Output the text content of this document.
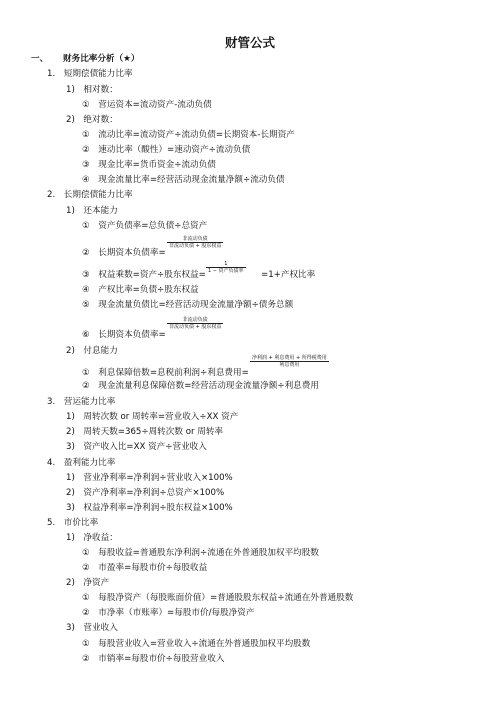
财管公式
一、 财务比率分析（★）
1.　短期偿债能力比率
1)　相对数：
①　营运资本=流动资产-流动负债
2)　绝对数：
①　流动比率=流动资产÷流动负债=长期资本-长期资产
②　速动比率（酸性）=速动资产÷流动负债
③　现金比率=货币资金÷流动负债
④　现金流量比率=经营活动现金流量净额÷流动负债
2.　长期偿债能力比率
1)　还本能力
①　资产负债率=总负债÷总资产
②　长期资本负债率=
非流动负债
非流动负债 + 股东权益
③　权益乘数=资产÷股东权益=
1
1 − 资产负债率 =1+产权比率
④　产权比率=负债÷股东权益
⑤　现金流量负债比=经营活动现金流量净额÷债务总额
⑥　长期资本负债率=
非流动负债
非流动负债 + 股东权益
2)　付息能力
①　利息保障倍数=息税前利润÷利息费用=
净利润 + 利息费用 + 所得税费用
利息费用
②　现金流量利息保障倍数=经营活动现金流量净额÷利息费用
3.　营运能力比率
1)　周转次数 or 周转率=营业收入÷XX 资产
2)　周转天数=365÷周转次数 or 周转率
3)　资产收入比=XX 资产÷营业收入
4.　盈利能力比率
1)　营业净利率=净利润÷营业收入×100%
2)　资产净利率=净利润÷总资产×100%
3)　权益净利率=净利润÷股东权益×100%
5.　市价比率
1)　净收益：
①　每股收益=普通股东净利润÷流通在外普通股加权平均股数
②　市盈率=每股市价÷每股收益
2)　净资产
①　每股净资产（每股账面价值）=普通股股东权益÷流通在外普通股数
②　市净率（市账率）=每股市价/每股净资产
3)　营业收入
①　每股营业收入=营业收入÷流通在外普通股加权平均股数
②　市销率=每股市价÷每股营业收入
